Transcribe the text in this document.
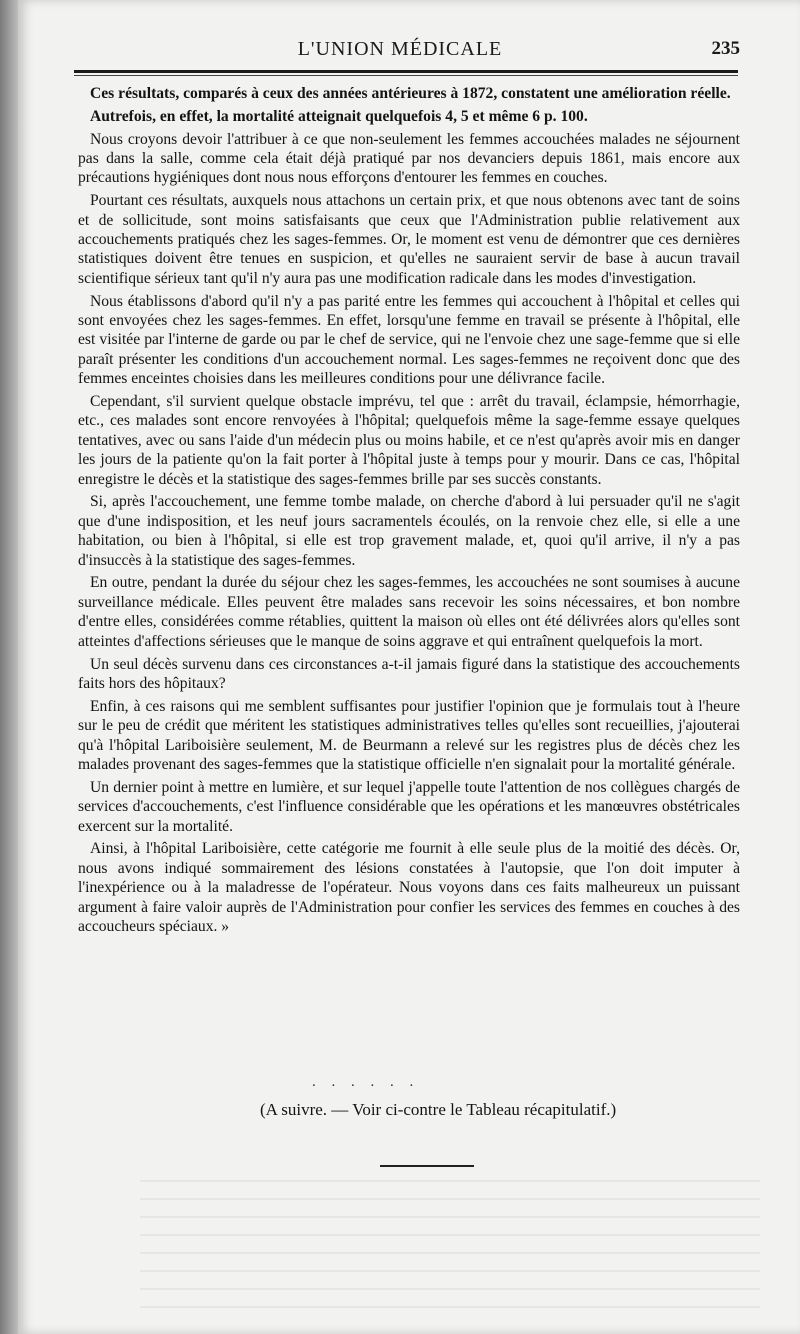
L'UNION MÉDICALE	235

Ces résultats, comparés à ceux des années antérieures à 1872, constatent une amélioration réelle.

Autrefois, en effet, la mortalité atteignait quelquefois 4, 5 et même 6 p. 100.

Nous croyons devoir l'attribuer à ce que non-seulement les femmes accouchées malades ne séjournent pas dans la salle, comme cela était déjà pratiqué par nos devanciers depuis 1861, mais encore aux précautions hygiéniques dont nous nous efforçons d'entourer les femmes en couches.

Pourtant ces résultats, auxquels nous attachons un certain prix, et que nous obtenons avec tant de soins et de sollicitude, sont moins satisfaisants que ceux que l'Administration publie relativement aux accouchements pratiqués chez les sages-femmes. Or, le moment est venu de démontrer que ces dernières statistiques doivent être tenues en suspicion, et qu'elles ne sauraient servir de base à aucun travail scientifique sérieux tant qu'il n'y aura pas une modification radicale dans les modes d'investigation.

Nous établissons d'abord qu'il n'y a pas parité entre les femmes qui accouchent à l'hôpital et celles qui sont envoyées chez les sages-femmes. En effet, lorsqu'une femme en travail se présente à l'hôpital, elle est visitée par l'interne de garde ou par le chef de service, qui ne l'envoie chez une sage-femme que si elle paraît présenter les conditions d'un accouchement normal. Les sages-femmes ne reçoivent donc que des femmes enceintes choisies dans les meilleures conditions pour une délivrance facile.

Cependant, s'il survient quelque obstacle imprévu, tel que : arrêt du travail, éclampsie, hémorrhagie, etc., ces malades sont encore renvoyées à l'hôpital; quelquefois même la sage-femme essaye quelques tentatives, avec ou sans l'aide d'un médecin plus ou moins habile, et ce n'est qu'après avoir mis en danger les jours de la patiente qu'on la fait porter à l'hôpital juste à temps pour y mourir. Dans ce cas, l'hôpital enregistre le décès et la statistique des sages-femmes brille par ses succès constants.

Si, après l'accouchement, une femme tombe malade, on cherche d'abord à lui persuader qu'il ne s'agit que d'une indisposition, et les neuf jours sacramentels écoulés, on la renvoie chez elle, si elle a une habitation, ou bien à l'hôpital, si elle est trop gravement malade, et, quoi qu'il arrive, il n'y a pas d'insuccès à la statistique des sages-femmes.

En outre, pendant la durée du séjour chez les sages-femmes, les accouchées ne sont soumises à aucune surveillance médicale. Elles peuvent être malades sans recevoir les soins nécessaires, et bon nombre d'entre elles, considérées comme rétablies, quittent la maison où elles ont été délivrées alors qu'elles sont atteintes d'affections sérieuses que le manque de soins aggrave et qui entraînent quelquefois la mort.

Un seul décès survenu dans ces circonstances a-t-il jamais figuré dans la statistique des accouchements faits hors des hôpitaux?

Enfin, à ces raisons qui me semblent suffisantes pour justifier l'opinion que je formulais tout à l'heure sur le peu de crédit que méritent les statistiques administratives telles qu'elles sont recueillies, j'ajouterai qu'à l'hôpital Lariboisière seulement, M. de Beurmann a relevé sur les registres plus de décès chez les malades provenant des sages-femmes que la statistique officielle n'en signalait pour la mortalité générale.

Un dernier point à mettre en lumière, et sur lequel j'appelle toute l'attention de nos collègues chargés de services d'accouchements, c'est l'influence considérable que les opérations et les manœuvres obstétricales exercent sur la mortalité.

Ainsi, à l'hôpital Lariboisière, cette catégorie me fournit à elle seule plus de la moitié des décès. Or, nous avons indiqué sommairement des lésions constatées à l'autopsie, que l'on doit imputer à l'inexpérience ou à la maladresse de l'opérateur. Nous voyons dans ces faits malheureux un puissant argument à faire valoir auprès de l'Administration pour confier les services des femmes en couches à des accoucheurs spéciaux. »

. . . . . .
(A suivre. — Voir ci-contre le Tableau récapitulatif.)
